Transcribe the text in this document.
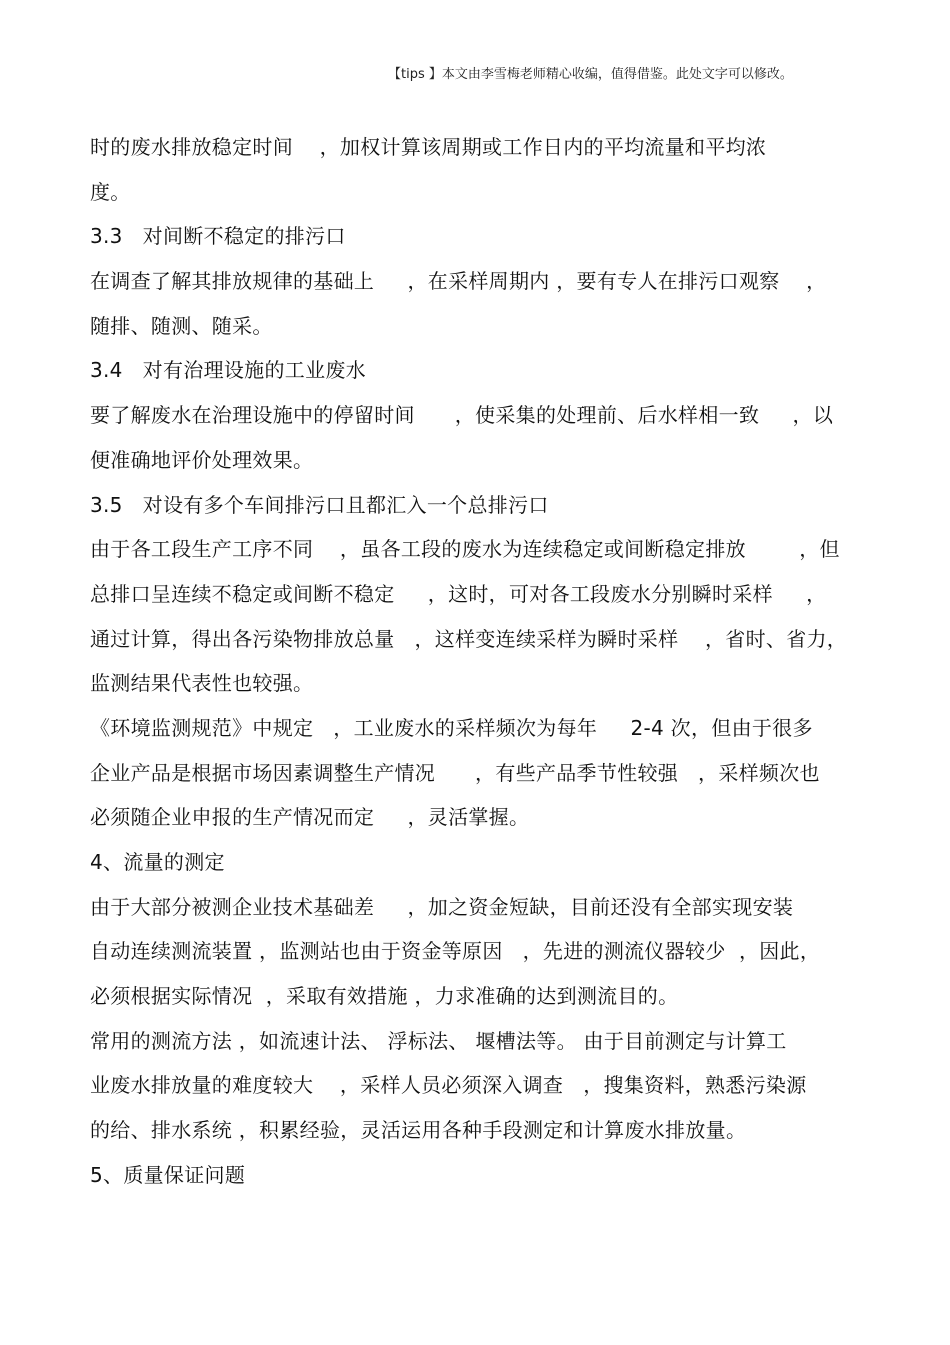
【tips 】本文由李雪梅老师精心收编，值得借鉴。此处文字可以修改。
时的废水排放稳定时间    ，加权计算该周期或工作日内的平均流量和平均浓
度。
3.3   对间断不稳定的排污口
在调查了解其排放规律的基础上     ，在采样周期内 ，要有专人在排污口观察    ，
随排、随测、随采。
3.4   对有治理设施的工业废水
要了解废水在治理设施中的停留时间      ，使采集的处理前、后水样相一致     ，以
便准确地评价处理效果。
3.5   对设有多个车间排污口且都汇入一个总排污口
由于各工段生产工序不同    ，虽各工段的废水为连续稳定或间断稳定排放        ，但
总排口呈连续不稳定或间断不稳定     ，这时，可对各工段废水分别瞬时采样     ，
通过计算，得出各污染物排放总量   ，这样变连续采样为瞬时采样    ，省时、省力，
监测结果代表性也较强。
《环境监测规范》中规定   ，工业废水的采样频次为每年     2-4 次，但由于很多
企业产品是根据市场因素调整生产情况      ，有些产品季节性较强   ，采样频次也
必须随企业申报的生产情况而定     ，灵活掌握。
4、流量的测定
由于大部分被测企业技术基础差     ，加之资金短缺，目前还没有全部实现安装
自动连续测流装置 ，监测站也由于资金等原因   ，先进的测流仪器较少  ，因此，
必须根据实际情况  ，采取有效措施 ，力求准确的达到测流目的。
常用的测流方法 ，如流速计法、 浮标法、 堰槽法等。 由于目前测定与计算工
业废水排放量的难度较大    ，采样人员必须深入调查   ，搜集资料，熟悉污染源
的给、排水系统 ，积累经验，灵活运用各种手段测定和计算废水排放量。
5、质量保证问题
